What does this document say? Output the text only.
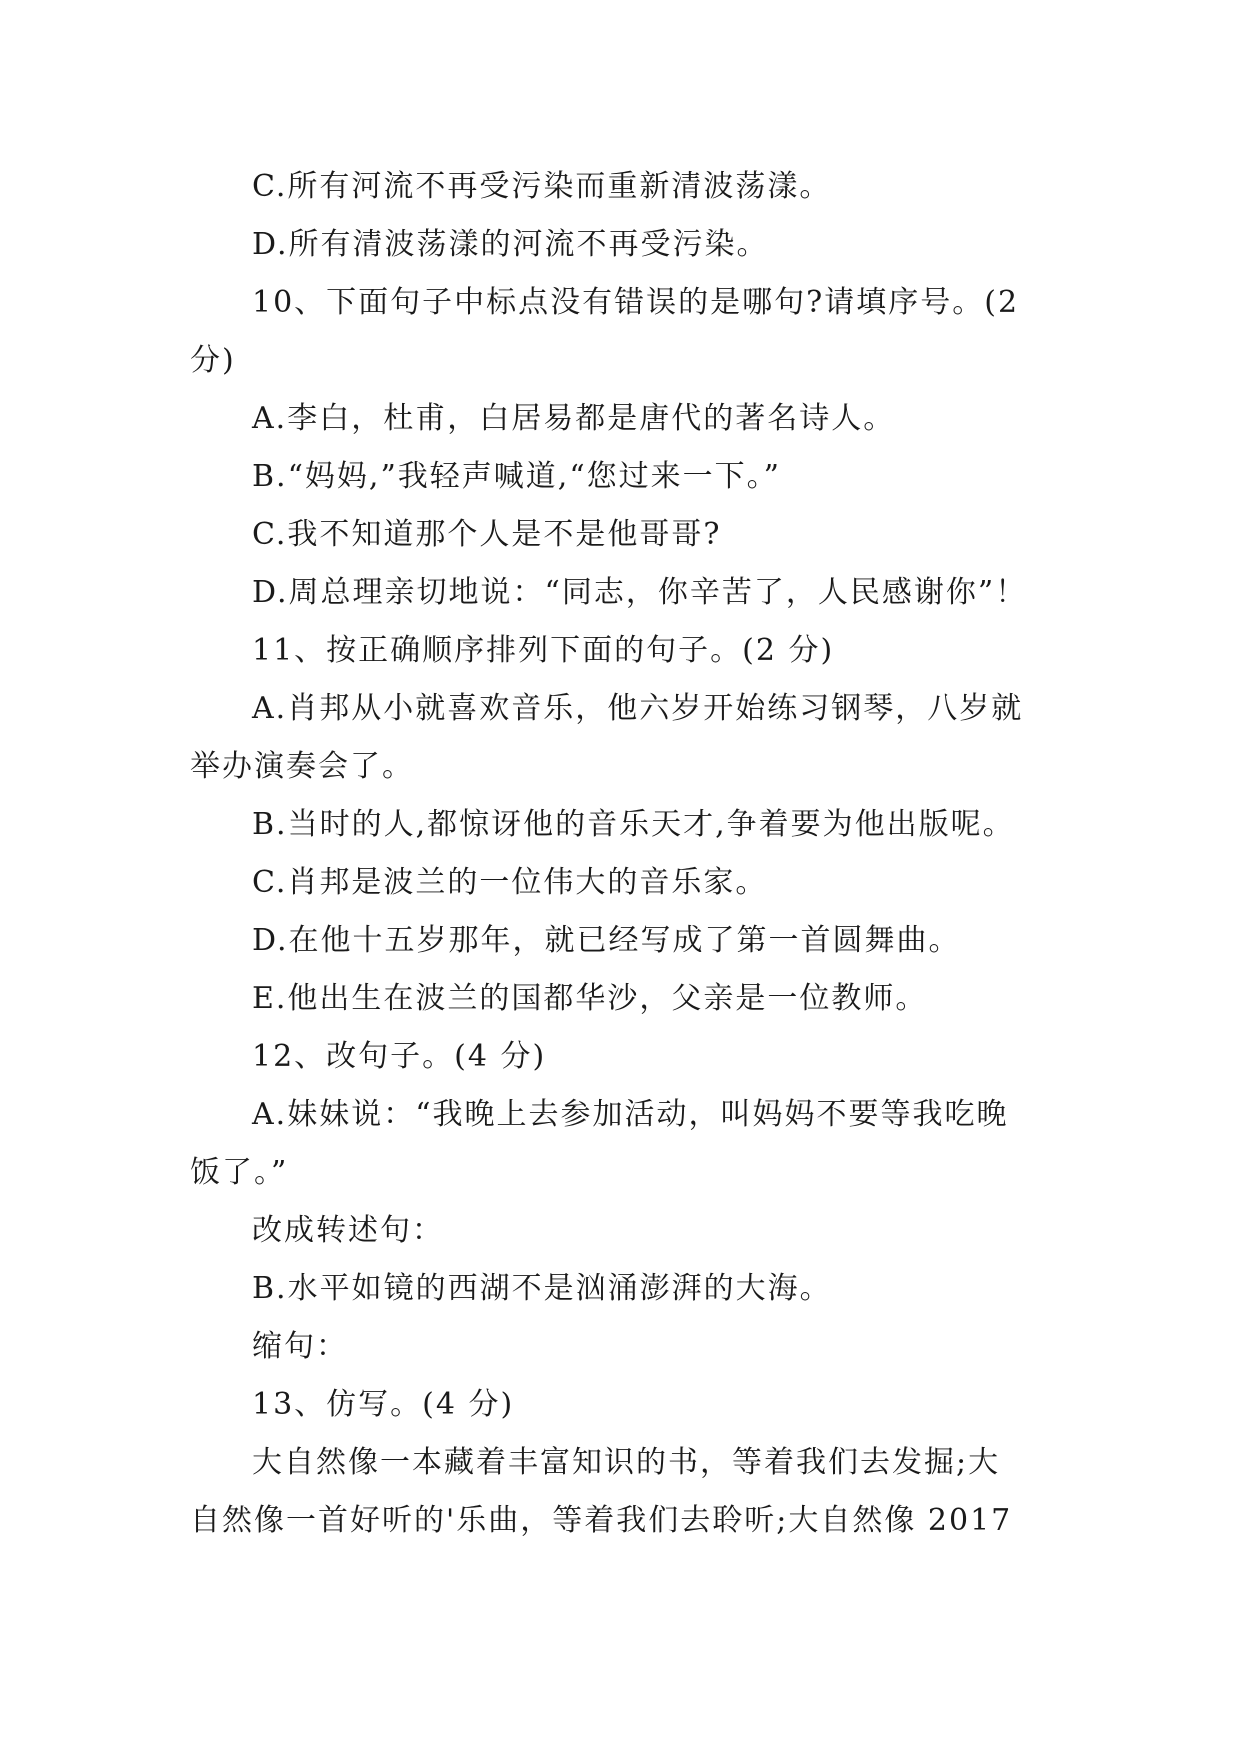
C.所有河流不再受污染而重新清波荡漾。
D.所有清波荡漾的河流不再受污染。
10、下面句子中标点没有错误的是哪句?请填序号。(2
分)
A.李白，杜甫，白居易都是唐代的著名诗人。
B.“妈妈,”我轻声喊道,“您过来一下。”
C.我不知道那个人是不是他哥哥?
D.周总理亲切地说：“同志，你辛苦了，人民感谢你”！
11、按正确顺序排列下面的句子。(2 分)
A.肖邦从小就喜欢音乐，他六岁开始练习钢琴，八岁就
举办演奏会了。
B.当时的人,都惊讶他的音乐天才,争着要为他出版呢。
C.肖邦是波兰的一位伟大的音乐家。
D.在他十五岁那年，就已经写成了第一首圆舞曲。
E.他出生在波兰的国都华沙，父亲是一位教师。
12、改句子。(4 分)
A.妹妹说：“我晚上去参加活动，叫妈妈不要等我吃晚
饭了。”
改成转述句：
B.水平如镜的西湖不是汹涌澎湃的大海。
缩句：
13、仿写。(4 分)
大自然像一本藏着丰富知识的书，等着我们去发掘;大
自然像一首好听的'乐曲，等着我们去聆听;大自然像 2017
